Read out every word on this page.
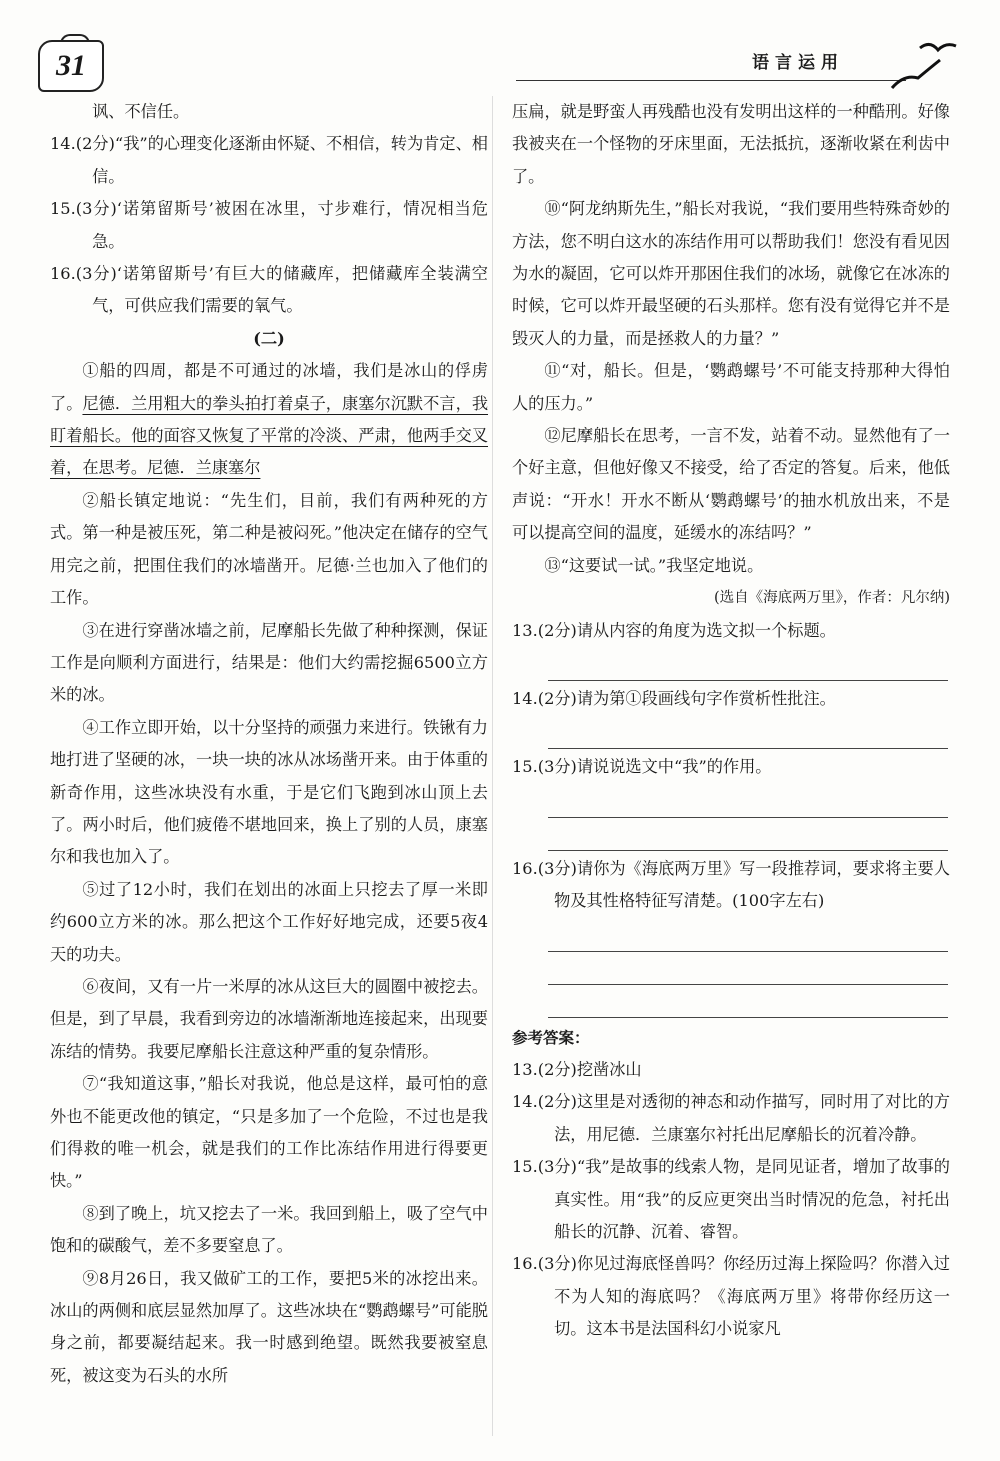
31	语言运用

讽、不信任。

14.(2分)“我”的心理变化逐渐由怀疑、不相信，转为肯定、相信。

15.(3分)‘诺第留斯号’被困在冰里，寸步难行，情况相当危急。

16.(3分)‘诺第留斯号’有巨大的储藏库，把储藏库全装满空气，可供应我们需要的氧气。

(二)

①船的四周，都是不可通过的冰墙，我们是冰山的俘虏了。尼德．兰用粗大的拳头拍打着桌子，康塞尔沉默不言，我盯着船长。他的面容又恢复了平常的冷淡、严肃，他两手交叉着，在思考。尼德．兰康塞尔

②船长镇定地说：“先生们，目前，我们有两种死的方式。第一种是被压死，第二种是被闷死。”他决定在储存的空气用完之前，把围住我们的冰墙凿开。尼德·兰也加入了他们的工作。

③在进行穿凿冰墙之前，尼摩船长先做了种种探测，保证工作是向顺利方面进行，结果是：他们大约需挖掘6500立方米的冰。

④工作立即开始，以十分坚持的顽强力来进行。铁锹有力地打进了坚硬的冰，一块一块的冰从冰场凿开来。由于体重的新奇作用，这些冰块没有水重，于是它们飞跑到冰山顶上去了。两小时后，他们疲倦不堪地回来，换上了别的人员，康塞尔和我也加入了。

⑤过了12小时，我们在划出的冰面上只挖去了厚一米即约600立方米的冰。那么把这个工作好好地完成，还要5夜4天的功夫。

⑥夜间，又有一片一米厚的冰从这巨大的圆圈中被挖去。但是，到了早晨，我看到旁边的冰墙渐渐地连接起来，出现要冻结的情势。我要尼摩船长注意这种严重的复杂情形。

⑦“我知道这事，”船长对我说，他总是这样，最可怕的意外也不能更改他的镇定，“只是多加了一个危险，不过也是我们得救的唯一机会，就是我们的工作比冻结作用进行得要更快。”

⑧到了晚上，坑又挖去了一米。我回到船上，吸了空气中饱和的碳酸气，差不多要窒息了。

⑨8月26日，我又做矿工的工作，要把5米的冰挖出来。冰山的两侧和底层显然加厚了。这些冰块在“鹦鹉螺号”可能脱身之前，都要凝结起来。我一时感到绝望。既然我要被窒息死，被这变为石头的水所

压扁，就是野蛮人再残酷也没有发明出这样的一种酷刑。好像我被夹在一个怪物的牙床里面，无法抵抗，逐渐收紧在利齿中了。

⑩“阿龙纳斯先生，”船长对我说，“我们要用些特殊奇妙的方法，您不明白这水的冻结作用可以帮助我们！您没有看见因为水的凝固，它可以炸开那困住我们的冰场，就像它在冰冻的时候，它可以炸开最坚硬的石头那样。您有没有觉得它并不是毁灭人的力量，而是拯救人的力量？”

⑪“对，船长。但是，‘鹦鹉螺号’不可能支持那种大得怕人的压力。”

⑫尼摩船长在思考，一言不发，站着不动。显然他有了一个好主意，但他好像又不接受，给了否定的答复。后来，他低声说：“开水！开水不断从‘鹦鹉螺号’的抽水机放出来，不是可以提高空间的温度，延缓水的冻结吗？”

⑬“这要试一试。”我坚定地说。

(选自《海底两万里》，作者：凡尔纳)

13.(2分)请从内容的角度为选文拟一个标题。

14.(2分)请为第①段画线句字作赏析性批注。

15.(3分)请说说选文中“我”的作用。

16.(3分)请你为《海底两万里》写一段推荐词，要求将主要人物及其性格特征写清楚。(100字左右)

参考答案：

13.(2分)挖凿冰山

14.(2分)这里是对透彻的神态和动作描写，同时用了对比的方法，用尼德．兰康塞尔衬托出尼摩船长的沉着冷静。

15.(3分)“我”是故事的线索人物，是同见证者，增加了故事的真实性。用“我”的反应更突出当时情况的危急，衬托出船长的沉静、沉着、睿智。

16.(3分)你见过海底怪兽吗？你经历过海上探险吗？你潜入过不为人知的海底吗？《海底两万里》将带你经历这一切。这本书是法国科幻小说家凡
